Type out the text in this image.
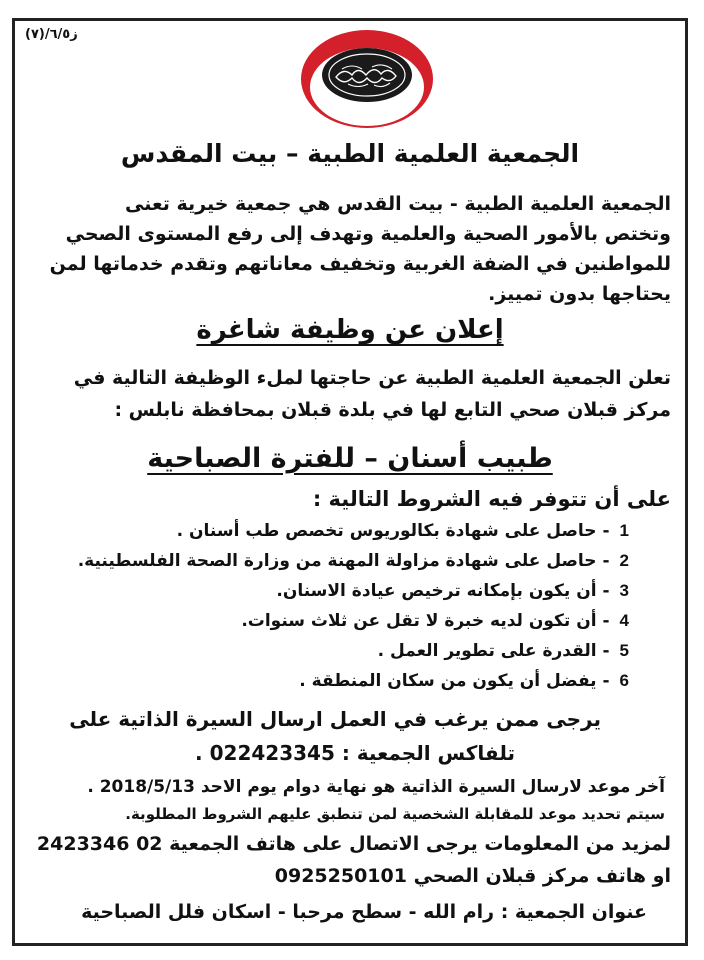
ز٦/٥/(٧)
الجمعية العلمية الطبية – بيت المقدس
الجمعية العلمية الطبية - بيت القدس هي جمعية خيرية تعنى
وتختص بالأمور الصحية والعلمية وتهدف إلى رفع المستوى الصحي
للمواطنين في الضفة الغربية وتخفيف معاناتهم وتقدم خدماتها لمن
يحتاجها بدون تمييز.
إعلان عن وظيفة شاغرة
تعلن الجمعية العلمية الطبية عن حاجتها لملء الوظيفة التالية في
مركز قبلان صحي التابع لها في بلدة قبلان بمحافظة نابلس :
طبيب أسنان – للفترة الصباحية
على أن تتوفر فيه الشروط التالية :
1- حاصل على شهادة بكالوريوس تخصص طب أسنان .
2- حاصل على شهادة مزاولة المهنة من وزارة الصحة الفلسطينية.
3- أن يكون بإمكانه ترخيص عيادة الاسنان.
4- أن تكون لديه خبرة لا تقل عن ثلاث سنوات.
5- القدرة على تطوير العمل .
6- يفضل أن يكون من سكان المنطقة .
يرجى ممن يرغب في العمل ارسال السيرة الذاتية على
تلفاكس الجمعية : 022423345 .
آخر موعد لارسال السيرة الذاتية هو نهاية دوام يوم الاحد 2018/5/13 .
سيتم تحديد موعد للمقابلة الشخصية لمن تنطبق عليهم الشروط المطلوبة.
لمزيد من المعلومات يرجى الاتصال على هاتف الجمعية 02 2423346
او هاتف مركز قبلان الصحي 0925250101
عنوان الجمعية : رام الله - سطح مرحبا - اسكان فلل الصباحية
